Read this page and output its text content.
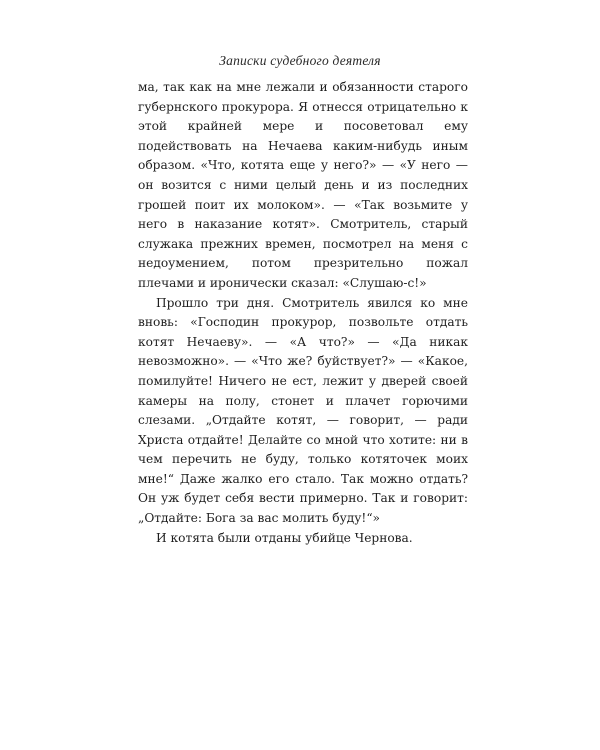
Записки судебного деятеля

ма, так как на мне лежали и обязанности старого губернского прокурора. Я отнесся отрицательно к этой крайней мере и посоветовал ему подействовать на Нечаева каким-нибудь иным образом. «Что, котята еще у него?» — «У него — он возится с ними целый день и из последних грошей поит их молоком». — «Так возьмите у него в наказание котят». Смотритель, старый служака прежних времен, посмотрел на меня с недоумением, потом презрительно пожал плечами и иронически сказал: «Слушаю-с!»

Прошло три дня. Смотритель явился ко мне вновь: «Господин прокурор, позвольте отдать котят Нечаеву». — «А что?» — «Да никак невозможно». — «Что же? буйствует?» — «Какое, помилуйте! Ничего не ест, лежит у дверей своей камеры на полу, стонет и плачет горючими слезами. „Отдайте котят, — говорит, — ради Христа отдайте! Делайте со мной что хотите: ни в чем перечить не буду, только котяточек моих мне!“ Даже жалко его стало. Так можно отдать? Он уж будет себя вести примерно. Так и говорит: „Отдайте: Бога за вас молить буду!“»

И котята были отданы убийце Чернова.
